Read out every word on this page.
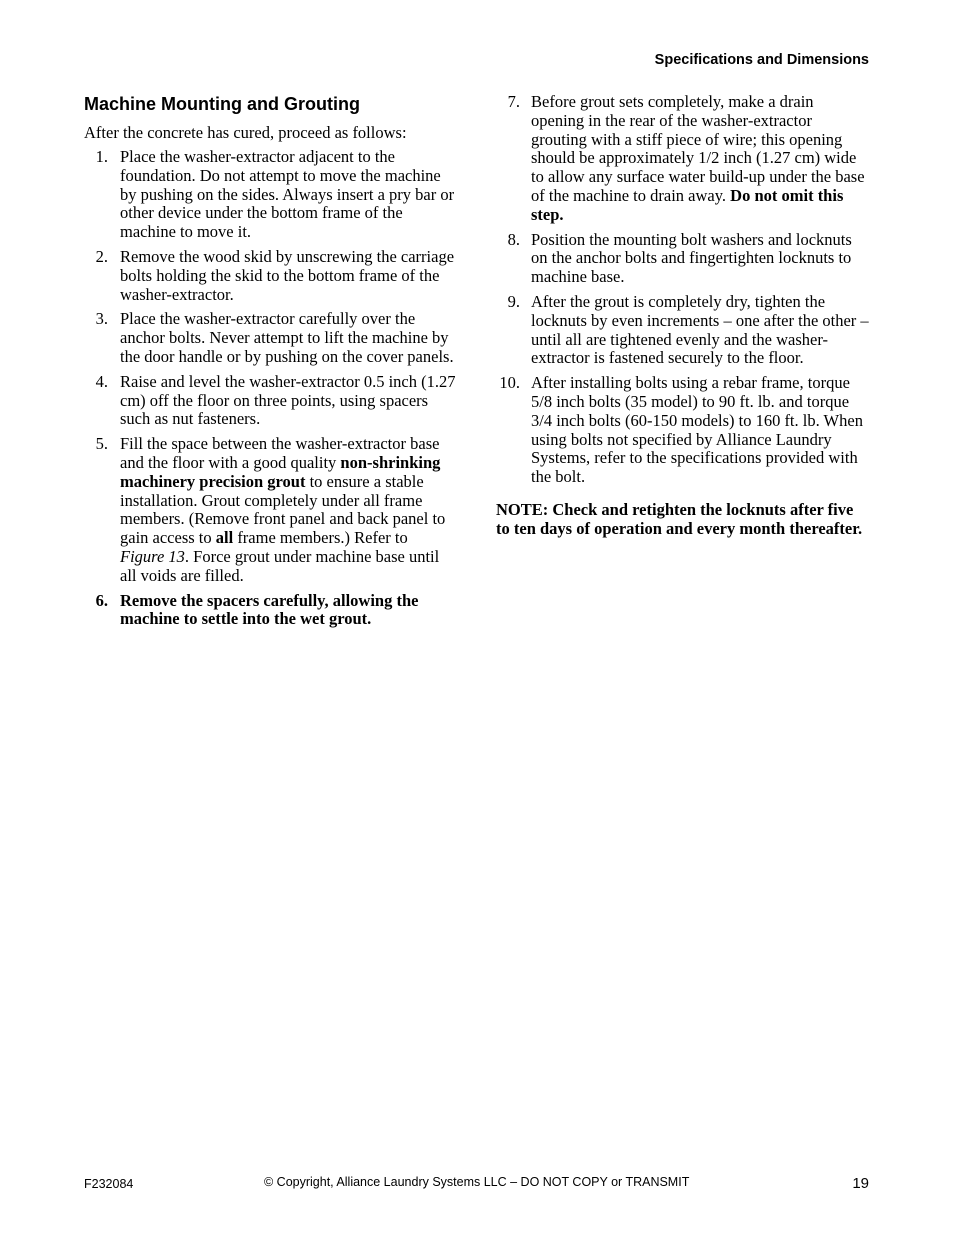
Specifications and Dimensions
Machine Mounting and Grouting

After the concrete has cured, proceed as follows:

1. Place the washer-extractor adjacent to the foundation. Do not attempt to move the machine by pushing on the sides. Always insert a pry bar or other device under the bottom frame of the machine to move it.
2. Remove the wood skid by unscrewing the carriage bolts holding the skid to the bottom frame of the washer-extractor.
3. Place the washer-extractor carefully over the anchor bolts. Never attempt to lift the machine by the door handle or by pushing on the cover panels.
4. Raise and level the washer-extractor 0.5 inch (1.27 cm) off the floor on three points, using spacers such as nut fasteners.
5. Fill the space between the washer-extractor base and the floor with a good quality non-shrinking machinery precision grout to ensure a stable installation. Grout completely under all frame members. (Remove front panel and back panel to gain access to all frame members.) Refer to Figure 13. Force grout under machine base until all voids are filled.
6. Remove the spacers carefully, allowing the machine to settle into the wet grout.
7. Before grout sets completely, make a drain opening in the rear of the washer-extractor grouting with a stiff piece of wire; this opening should be approximately 1/2 inch (1.27 cm) wide to allow any surface water build-up under the base of the machine to drain away. Do not omit this step.
8. Position the mounting bolt washers and locknuts on the anchor bolts and fingertighten locknuts to machine base.
9. After the grout is completely dry, tighten the locknuts by even increments – one after the other – until all are tightened evenly and the washer-extractor is fastened securely to the floor.
10. After installing bolts using a rebar frame, torque 5/8 inch bolts (35 model) to 90 ft. lb. and torque 3/4 inch bolts (60-150 models) to 160 ft. lb. When using bolts not specified by Alliance Laundry Systems, refer to the specifications provided with the bolt.

NOTE: Check and retighten the locknuts after five to ten days of operation and every month thereafter.

F232084	© Copyright, Alliance Laundry Systems LLC – DO NOT COPY or TRANSMIT	19
